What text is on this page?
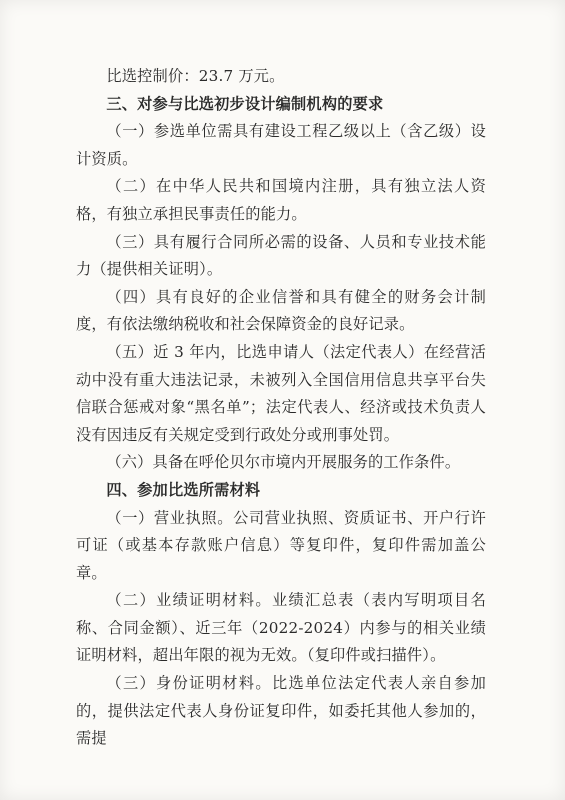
比选控制价：23.7 万元。

三、对参与比选初步设计编制机构的要求

（一）参选单位需具有建设工程乙级以上（含乙级）设计资质。

（二）在中华人民共和国境内注册，具有独立法人资格，有独立承担民事责任的能力。

（三）具有履行合同所必需的设备、人员和专业技术能力（提供相关证明）。

（四）具有良好的企业信誉和具有健全的财务会计制度，有依法缴纳税收和社会保障资金的良好记录。

（五）近 3 年内，比选申请人（法定代表人）在经营活动中没有重大违法记录，未被列入全国信用信息共享平台失信联合惩戒对象“黑名单”；法定代表人、经济或技术负责人没有因违反有关规定受到行政处分或刑事处罚。

（六）具备在呼伦贝尔市境内开展服务的工作条件。

四、参加比选所需材料

（一）营业执照。公司营业执照、资质证书、开户行许可证（或基本存款账户信息）等复印件，复印件需加盖公章。

（二）业绩证明材料。业绩汇总表（表内写明项目名称、合同金额）、近三年（2022-2024）内参与的相关业绩证明材料，超出年限的视为无效。（复印件或扫描件）。

（三）身份证明材料。比选单位法定代表人亲自参加的，提供法定代表人身份证复印件，如委托其他人参加的，需提
